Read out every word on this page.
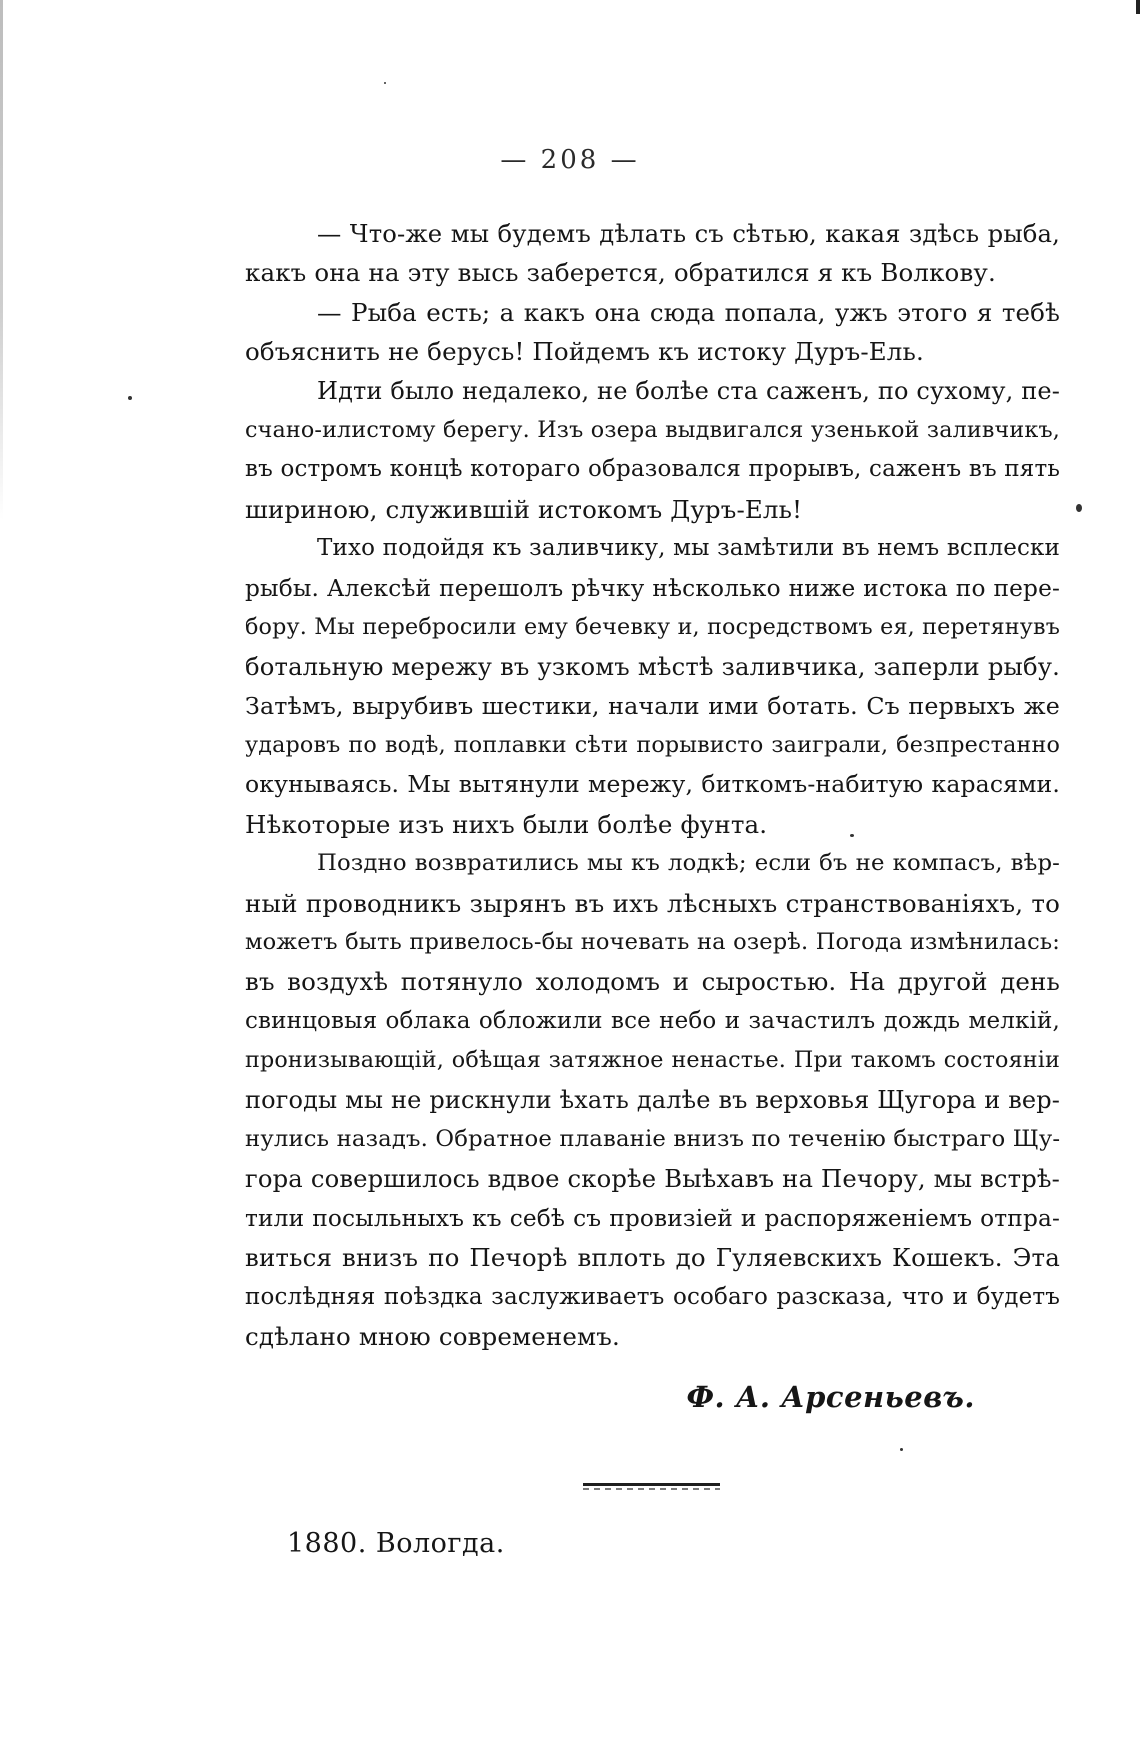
— 208 —
— Что-же мы будемъ дѣлать съ сѣтью, какая здѣсь рыба,
какъ она на эту высь заберется, обратился я къ Волкову.
— Рыба есть; а какъ она сюда попала, ужъ этого я тебѣ
объяснить не берусь! Пойдемъ къ истоку Дуръ-Ель.
Идти было недалеко, не болѣе ста саженъ, по сухому, пе-
счано-илистому берегу. Изъ озера выдвигался узенькой заливчикъ,
въ остромъ концѣ котораго образовался прорывъ, саженъ въ пять
шириною, служившій истокомъ Дуръ-Ель!
Тихо подойдя къ заливчику, мы замѣтили въ немъ всплески
рыбы. Алексѣй перешолъ рѣчку нѣсколько ниже истока по пере-
бору. Мы перебросили ему бечевку и, посредствомъ ея, перетянувъ
ботальную мережу въ узкомъ мѣстѣ заливчика, заперли рыбу.
Затѣмъ, вырубивъ шестики, начали ими ботать. Съ первыхъ же
ударовъ по водѣ, поплавки сѣти порывисто заиграли, безпрестанно
окунываясь. Мы вытянули мережу, биткомъ-набитую карасями.
Нѣкоторые изъ нихъ были болѣе фунта.
Поздно возвратились мы къ лодкѣ; если бъ не компасъ, вѣр-
ный проводникъ зырянъ въ ихъ лѣсныхъ странствованіяхъ, то
можетъ быть привелось-бы ночевать на озерѣ. Погода измѣнилась:
въ воздухѣ потянуло холодомъ и сыростью. На другой день
свинцовыя облака обложили все небо и зачастилъ дождь мелкій,
пронизывающій, обѣщая затяжное ненастье. При такомъ состояніи
погоды мы не рискнули ѣхать далѣе въ верховья Щугора и вер-
нулись назадъ. Обратное плаваніе внизъ по теченію быстраго Щу-
гора совершилось вдвое скорѣе Выѣхавъ на Печору, мы встрѣ-
тили посыльныхъ къ себѣ съ провизіей и распоряженіемъ отпра-
виться внизъ по Печорѣ вплоть до Гуляевскихъ Кошекъ. Эта
послѣдняя поѣздка заслуживаетъ особаго разсказа, что и будетъ
сдѣлано мною современемъ.
Ф. А. Арсеньевъ.
1880. Вологда.
